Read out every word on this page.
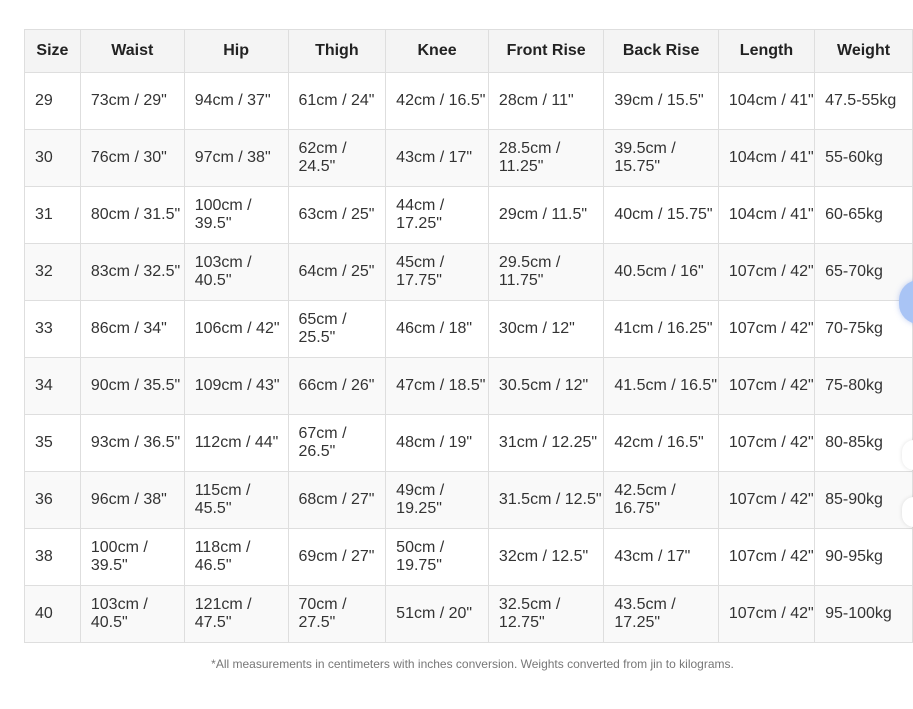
Size	Waist	Hip	Thigh	Knee	Front Rise	Back Rise	Length	Weight
29	73cm / 29"	94cm / 37"	61cm / 24"	42cm / 16.5"	28cm / 11"	39cm / 15.5"	104cm / 41"	47.5-55kg
30	76cm / 30"	97cm / 38"	62cm / 24.5"	43cm / 17"	28.5cm / 11.25"	39.5cm / 15.75"	104cm / 41"	55-60kg
31	80cm / 31.5"	100cm / 39.5"	63cm / 25"	44cm / 17.25"	29cm / 11.5"	40cm / 15.75"	104cm / 41"	60-65kg
32	83cm / 32.5"	103cm / 40.5"	64cm / 25"	45cm / 17.75"	29.5cm / 11.75"	40.5cm / 16"	107cm / 42"	65-70kg
33	86cm / 34"	106cm / 42"	65cm / 25.5"	46cm / 18"	30cm / 12"	41cm / 16.25"	107cm / 42"	70-75kg
34	90cm / 35.5"	109cm / 43"	66cm / 26"	47cm / 18.5"	30.5cm / 12"	41.5cm / 16.5"	107cm / 42"	75-80kg
35	93cm / 36.5"	112cm / 44"	67cm / 26.5"	48cm / 19"	31cm / 12.25"	42cm / 16.5"	107cm / 42"	80-85kg
36	96cm / 38"	115cm / 45.5"	68cm / 27"	49cm / 19.25"	31.5cm / 12.5"	42.5cm / 16.75"	107cm / 42"	85-90kg
38	100cm / 39.5"	118cm / 46.5"	69cm / 27"	50cm / 19.75"	32cm / 12.5"	43cm / 17"	107cm / 42"	90-95kg
40	103cm / 40.5"	121cm / 47.5"	70cm / 27.5"	51cm / 20"	32.5cm / 12.75"	43.5cm / 17.25"	107cm / 42"	95-100kg
*All measurements in centimeters with inches conversion. Weights converted from jin to kilograms.
